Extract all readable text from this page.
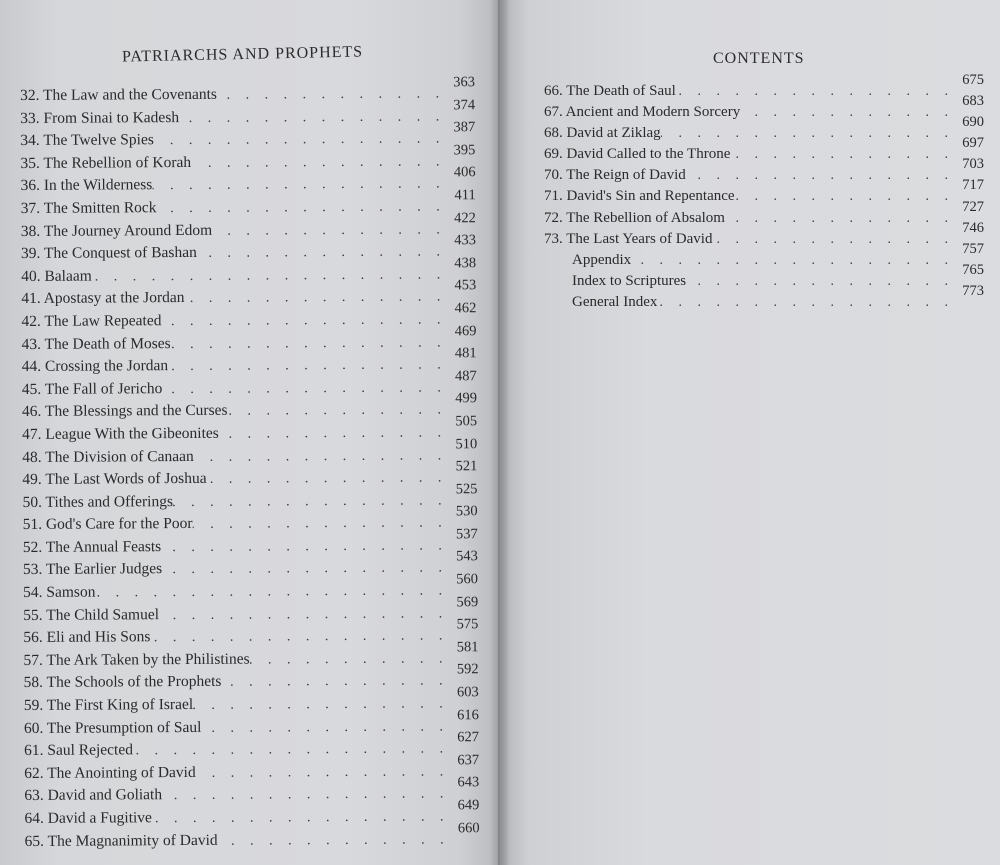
PATRIARCHS AND PROPHETS
32. The Law and the Covenants
. . .
363
33. From Sinai to Kadesh
. . .
374
34. The Twelve Spies
. . .
387
35. The Rebellion of Korah
. . .
395
36. In the Wilderness
. . .
406
37. The Smitten Rock
. . .
411
38. The Journey Around Edom
. . .
422
39. The Conquest of Bashan
. . .
433
40. Balaam
. . .
438
41. Apostasy at the Jordan
. . .
453
42. The Law Repeated
. . .
462
43. The Death of Moses
. . .
469
44. Crossing the Jordan
. . .
481
45. The Fall of Jericho
. . .
487
46. The Blessings and the Curses
. . .
499
47. League With the Gibeonites
. . .
505
48. The Division of Canaan
. . .
510
49. The Last Words of Joshua
. . .
521
50. Tithes and Offerings
. . .
525
51. God's Care for the Poor
. . .
530
52. The Annual Feasts
. . .
537
53. The Earlier Judges
. . .
543
54. Samson
. . .
560
55. The Child Samuel
. . .
569
56. Eli and His Sons
. . .
575
57. The Ark Taken by the Philistines
. . .
581
58. The Schools of the Prophets
. . .
592
59. The First King of Israel
. . .
603
60. The Presumption of Saul
. . .
616
61. Saul Rejected
. . .
627
62. The Anointing of David
. . .
637
63. David and Goliath
. . .
643
64. David a Fugitive
. . .
649
65. The Magnanimity of David
. . .
660
CONTENTS
66. The Death of Saul
. . .
675
67. Ancient and Modern Sorcery
. . .
683
68. David at Ziklag
. . .
690
69. David Called to the Throne
. . .
697
70. The Reign of David
. . .
703
71. David's Sin and Repentance
. . .
717
72. The Rebellion of Absalom
. . .
727
73. The Last Years of David
. . .
746
Appendix
. . .
757
Index to Scriptures
. . .
765
General Index
. . .
773
